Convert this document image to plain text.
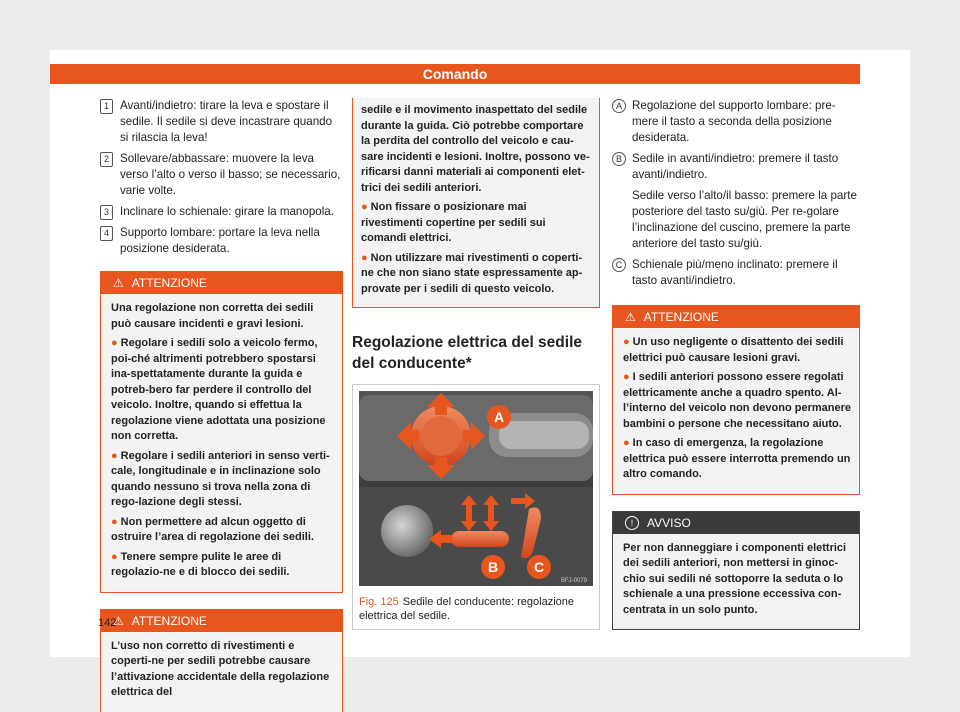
Comando
1 Avanti/indietro: tirare la leva e spostare il sedile. Il sedile si deve incastrare quando si rilascia la leva!
2 Sollevare/abbassare: muovere la leva verso l’alto o verso il basso; se necessario, varie volte.
3 Inclinare lo schienale: girare la manopola.
4 Supporto lombare: portare la leva nella posizione desiderata.
⚠ ATTENZIONE

Una regolazione non corretta dei sedili può causare incidenti e gravi lesioni.

● Regolare i sedili solo a veicolo fermo, poi-ché altrimenti potrebbero spostarsi ina-spettatamente durante la guida e potreb-bero far perdere il controllo del veicolo. Inoltre, quando si effettua la regolazione viene adottata una posizione non corretta.

● Regolare i sedili anteriori in senso verti-cale, longitudinale e in inclinazione solo quando nessuno si trova nella zona di rego-lazione degli stessi.

● Non permettere ad alcun oggetto di ostruire l’area di regolazione dei sedili.

● Tenere sempre pulite le aree di regolazio-ne e di blocco dei sedili.

⚠ ATTENZIONE

L’uso non corretto di rivestimenti e coperti-ne per sedili potrebbe causare l’attivazione accidentale della regolazione elettrica del

sedile e il movimento inaspettato del sedile durante la guida. Ciò potrebbe comportare la perdita del controllo del veicolo e cau-sare incidenti e lesioni. Inoltre, possono ve-rificarsi danni materiali ai componenti elet-trici dei sedili anteriori.

● Non fissare o posizionare mai rivestimenti copertine per sedili sui comandi elettrici.

● Non utilizzare mai rivestimenti o coperti-ne che non siano state espressamente ap-provate per i sedili di questo veicolo.

Regolazione elettrica del sedile del conducente*
A
B	C
BFJ-0079
Fig. 125 Sedile del conducente: regolazione elettrica del sedile.
A Regolazione del supporto lombare: pre-mere il tasto a seconda della posizione desiderata.
B Sedile in avanti/indietro: premere il tasto avanti/indietro.
Sedile verso l’alto/il basso: premere la parte posteriore del tasto su/giù. Per re-golare l’inclinazione del cuscino, premere la parte anteriore del tasto su/giù.
C Schienale più/meno inclinato: premere il tasto avanti/indietro.
⚠ ATTENZIONE

● Un uso negligente o disattento dei sedili elettrici può causare lesioni gravi.

● I sedili anteriori possono essere regolati elettricamente anche a quadro spento. Al-l’interno del veicolo non devono permanere bambini o persone che necessitano aiuto.

● In caso di emergenza, la regolazione elettrica può essere interrotta premendo un altro comando.

! AVVISO

Per non danneggiare i componenti elettrici dei sedili anteriori, non mettersi in ginoc-chio sui sedili né sottoporre la seduta o lo schienale a una pressione eccessiva con-centrata in un solo punto.

142
